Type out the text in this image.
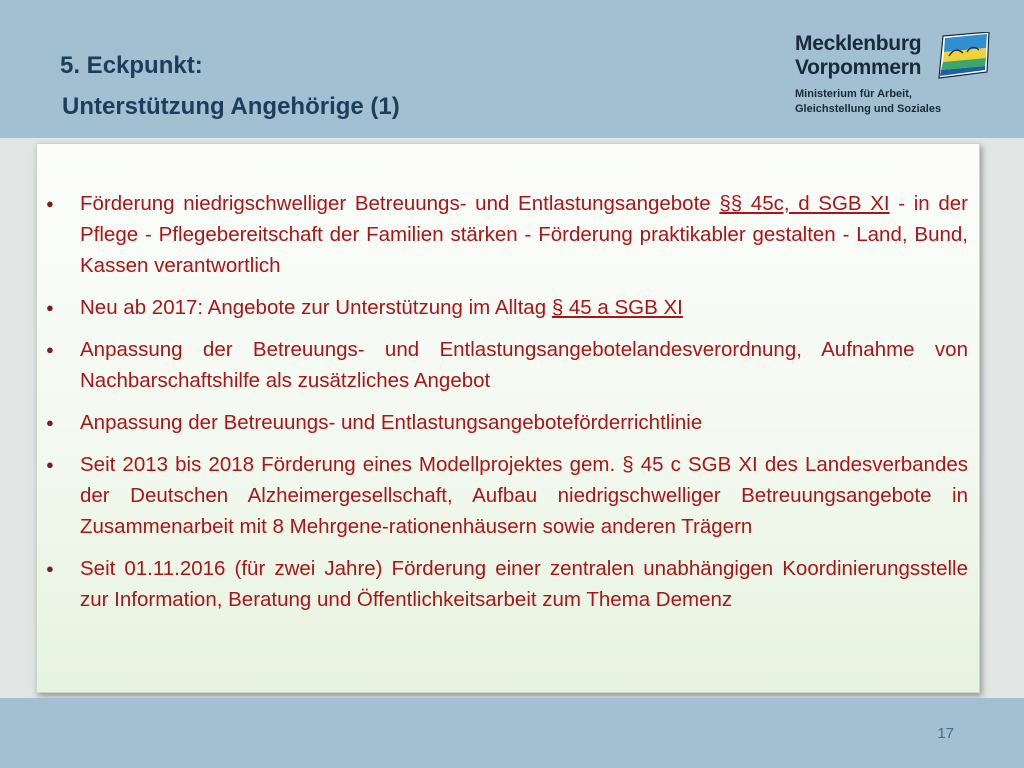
5. Eckpunkt:
Unterstützung Angehörige (1)
Mecklenburg
Vorpommern
Ministerium für Arbeit,
Gleichstellung und Soziales
● Förderung niedrigschwelliger Betreuungs- und Entlastungsangebote §§ 45c, d SGB XI - in der Pflege - Pflegebereitschaft der Familien stärken - Förderung praktikabler gestalten - Land, Bund, Kassen verantwortlich
● Neu ab 2017: Angebote zur Unterstützung im Alltag § 45 a SGB XI
● Anpassung der Betreuungs- und Entlastungsangebotelandesverordnung, Aufnahme von Nachbarschaftshilfe als zusätzliches Angebot
● Anpassung der Betreuungs- und Entlastungsangeboteförderrichtlinie
● Seit 2013 bis 2018 Förderung eines Modellprojektes gem. § 45 c SGB XI des Landesverbandes der Deutschen Alzheimergesellschaft, Aufbau niedrigschwelliger Betreuungsangebote in Zusammenarbeit mit 8 Mehrgene-rationenhäusern sowie anderen Trägern
● Seit 01.11.2016 (für zwei Jahre) Förderung einer zentralen unabhängigen Koordinierungsstelle zur Information, Beratung und Öffentlichkeitsarbeit zum Thema Demenz
17
